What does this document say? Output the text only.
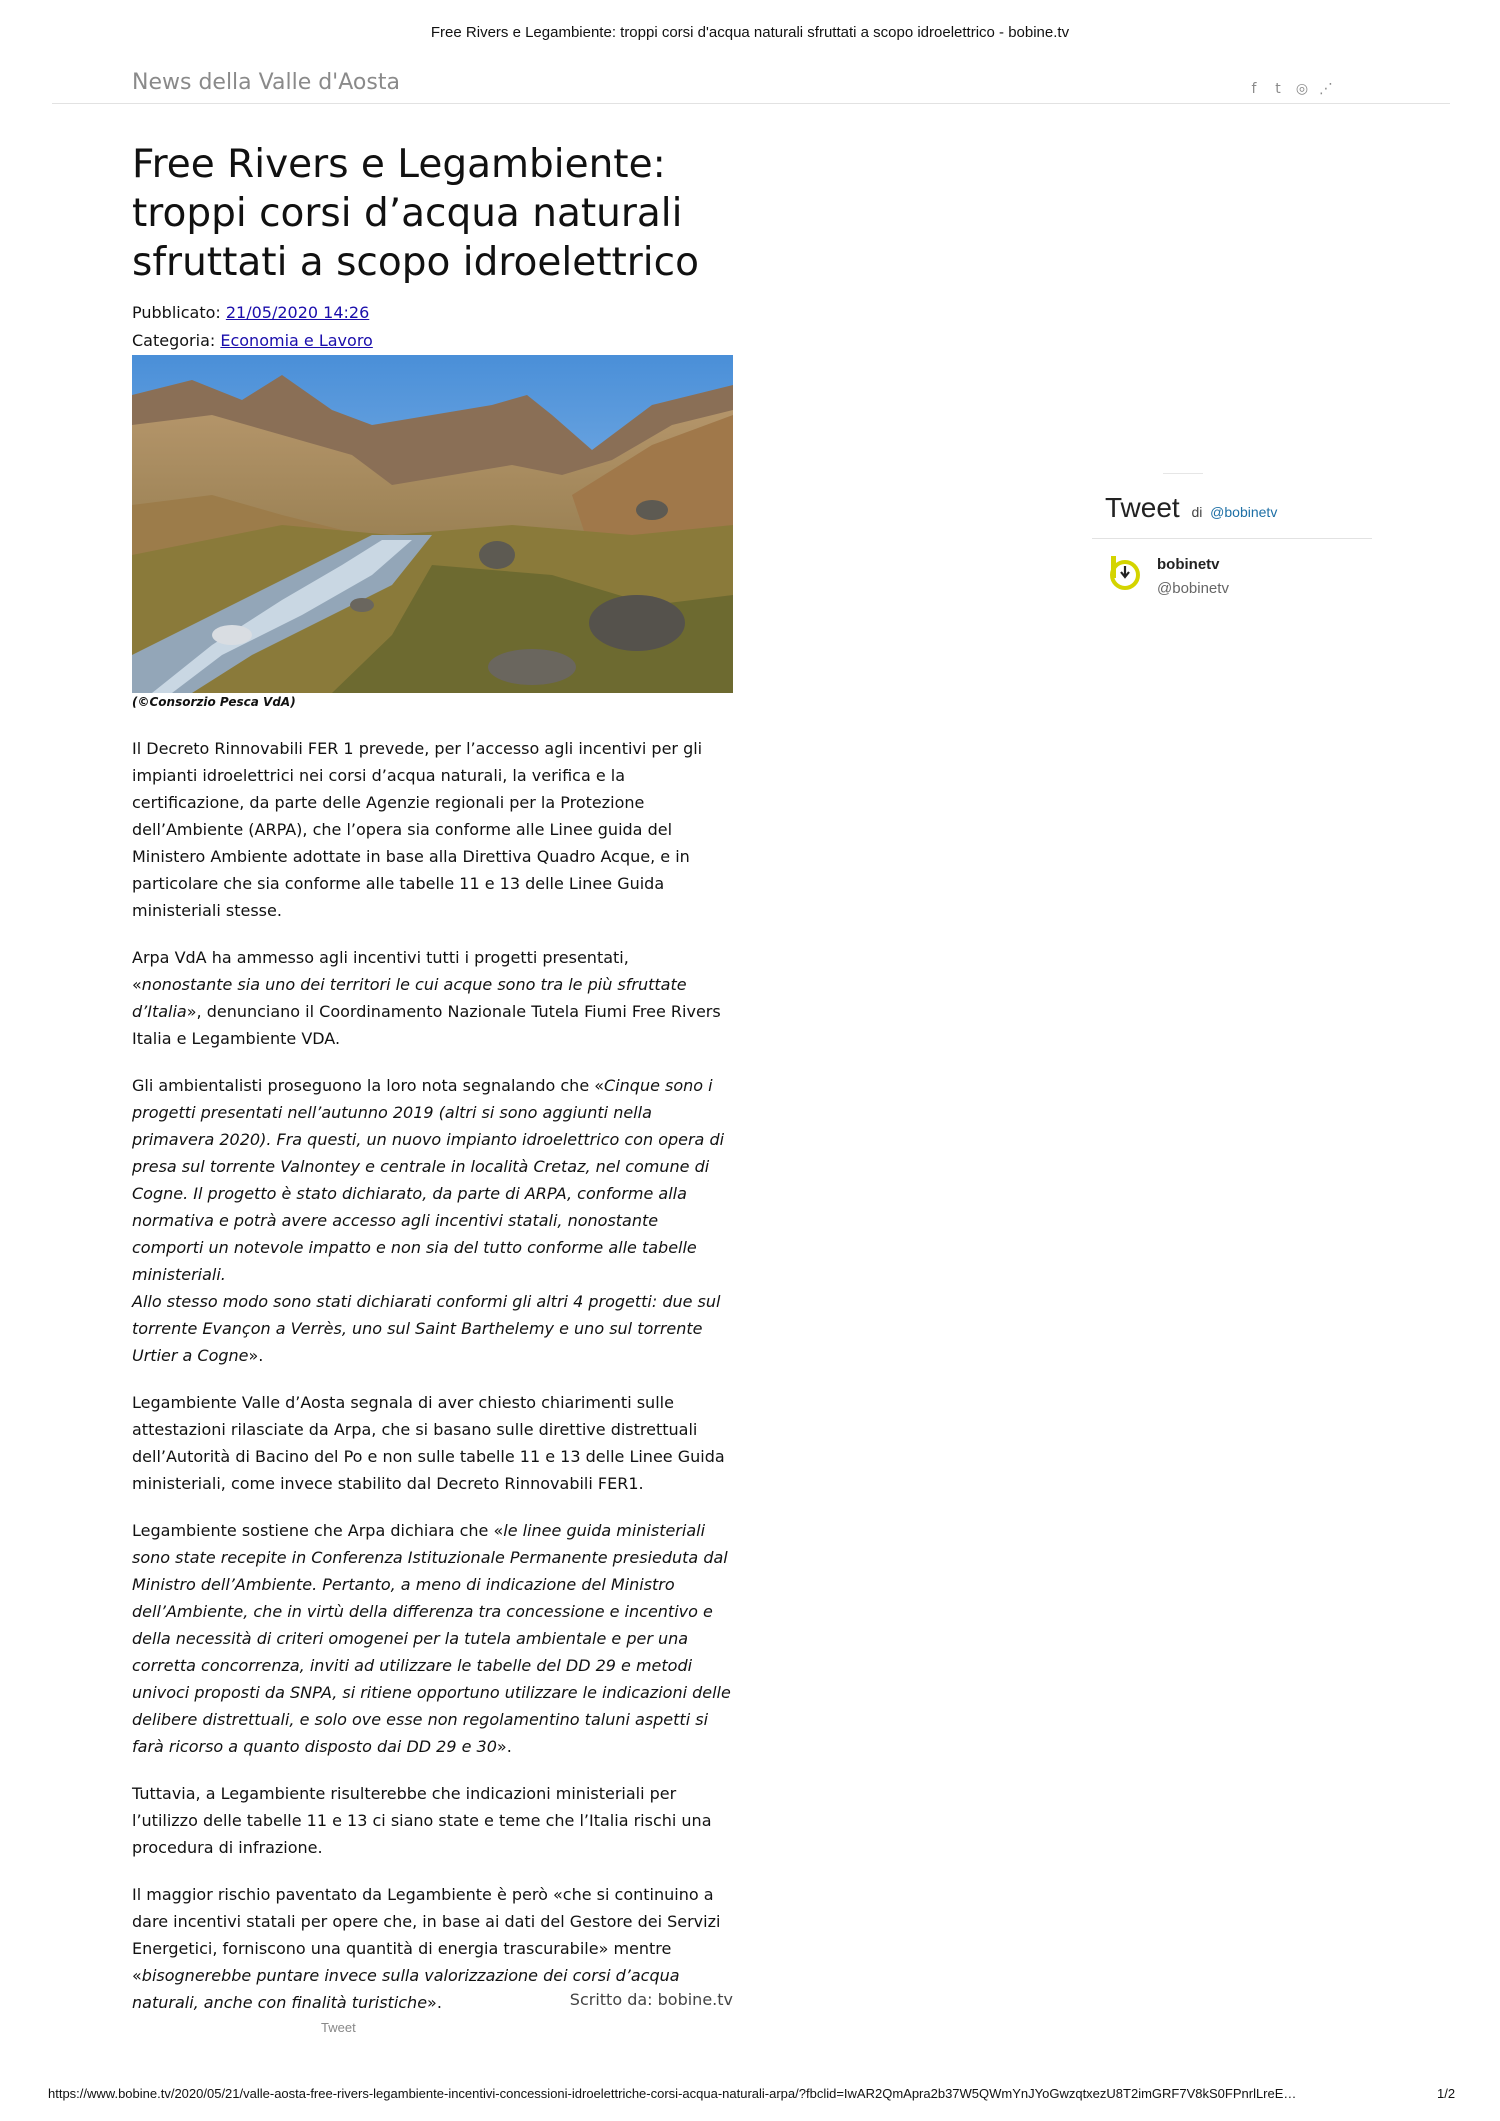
Free Rivers e Legambiente: troppi corsi d'acqua naturali sfruttati a scopo idroelettrico - bobine.tv
News della Valle d'Aosta	f	t	◎ ⋰
Free Rivers e Legambiente: troppi corsi d’acqua naturali sfruttati a scopo idroelettrico
Pubblicato: 21/05/2020 14:26
Categoria: Economia e Lavoro
(©Consorzio Pesca VdA)

Il Decreto Rinnovabili FER 1 prevede, per l’accesso agli incentivi per gli impianti idroelettrici nei corsi d’acqua naturali, la verifica e la certificazione, da parte delle Agenzie regionali per la Protezione dell’Ambiente (ARPA), che l’opera sia conforme alle Linee guida del Ministero Ambiente adottate in base alla Direttiva Quadro Acque, e in particolare che sia conforme alle tabelle 11 e 13 delle Linee Guida ministeriali stesse.

Arpa VdA ha ammesso agli incentivi tutti i progetti presentati, «nonostante sia uno dei territori le cui acque sono tra le più sfruttate d’Italia», denunciano il Coordinamento Nazionale Tutela Fiumi Free Rivers Italia e Legambiente VDA.

Gli ambientalisti proseguono la loro nota segnalando che «Cinque sono i progetti presentati nell’autunno 2019 (altri si sono aggiunti nella primavera 2020). Fra questi, un nuovo impianto idroelettrico con opera di presa sul torrente Valnontey e centrale in località Cretaz, nel comune di Cogne. Il progetto è stato dichiarato, da parte di ARPA, conforme alla normativa e potrà avere accesso agli incentivi statali, nonostante comporti un notevole impatto e non sia del tutto conforme alle tabelle ministeriali.
Allo stesso modo sono stati dichiarati conformi gli altri 4 progetti: due sul torrente Evançon a Verrès, uno sul Saint Barthelemy e uno sul torrente Urtier a Cogne».

Legambiente Valle d’Aosta segnala di aver chiesto chiarimenti sulle attestazioni rilasciate da Arpa, che si basano sulle direttive distrettuali dell’Autorità di Bacino del Po e non sulle tabelle 11 e 13 delle Linee Guida ministeriali, come invece stabilito dal Decreto Rinnovabili FER1.

Legambiente sostiene che Arpa dichiara che «le linee guida ministeriali sono state recepite in Conferenza Istituzionale Permanente presieduta dal Ministro dell’Ambiente. Pertanto, a meno di indicazione del Ministro dell’Ambiente, che in virtù della differenza tra concessione e incentivo e della necessità di criteri omogenei per la tutela ambientale e per una corretta concorrenza, inviti ad utilizzare le tabelle del DD 29 e metodi univoci proposti da SNPA, si ritiene opportuno utilizzare le indicazioni delle delibere distrettuali, e solo ove esse non regolamentino taluni aspetti si farà ricorso a quanto disposto dai DD 29 e 30».

Tuttavia, a Legambiente risulterebbe che indicazioni ministeriali per l’utilizzo delle tabelle 11 e 13 ci siano state e teme che l’Italia rischi una procedura di infrazione.

Il maggior rischio paventato da Legambiente è però «che si continuino a dare incentivi statali per opere che, in base ai dati del Gestore dei Servizi Energetici, forniscono una quantità di energia trascurabile» mentre «bisognerebbe puntare invece sulla valorizzazione dei corsi d’acqua naturali, anche con finalità turistiche».	Scritto da: bobine.tv
Tweet
Tweet di @bobinetv
bobinetv
@bobinetv
https://www.bobine.tv/2020/05/21/valle-aosta-free-rivers-legambiente-incentivi-concessioni-idroelettriche-corsi-acqua-naturali-arpa/?fbclid=IwAR2QmApra2b37W5QWmYnJYoGwzqtxezU8T2imGRF7V8kS0FPnrlLreE…	1/2
